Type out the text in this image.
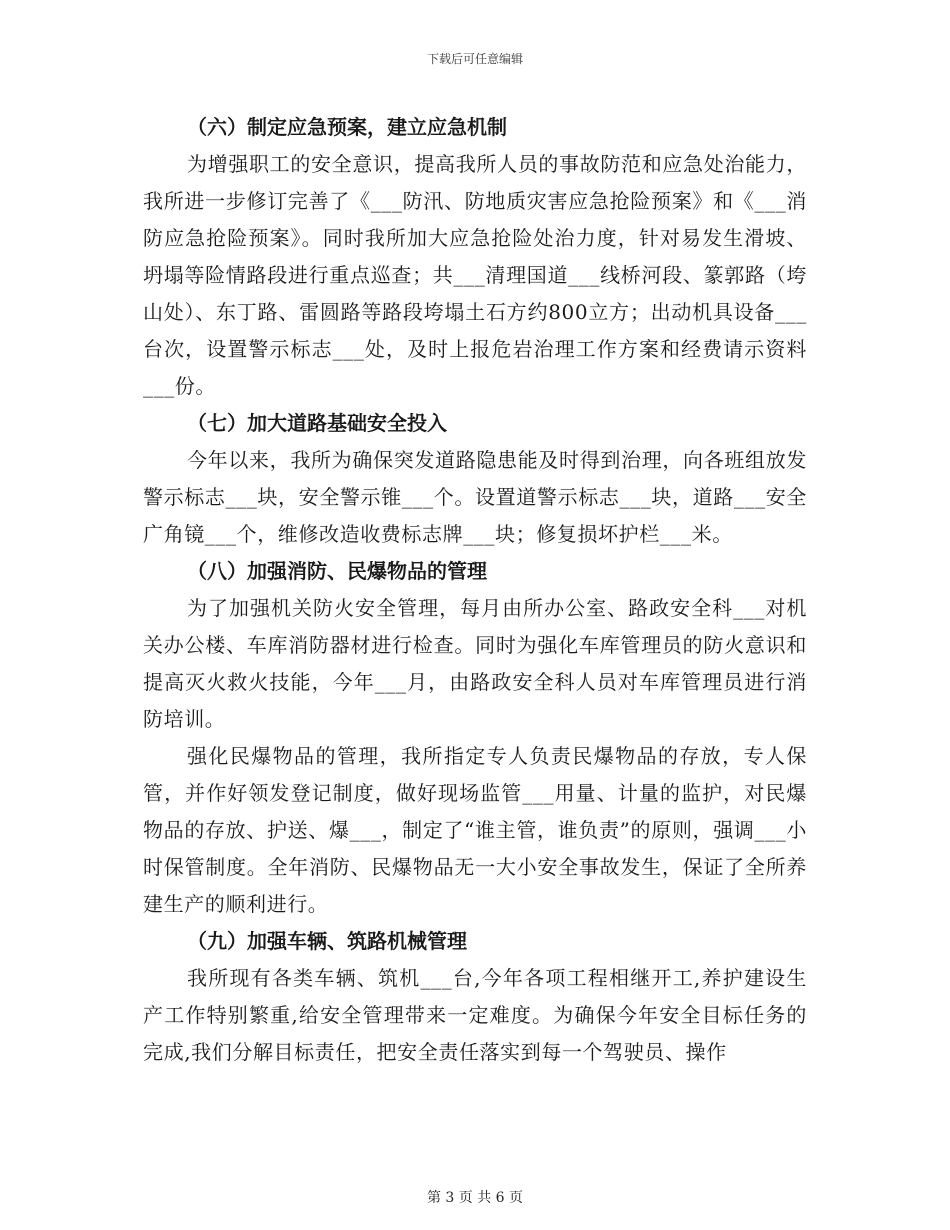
下载后可任意编辑
（六）制定应急预案，建立应急机制

为增强职工的安全意识，提高我所人员的事故防范和应急处治能力，我所进一步修订完善了《___防汛、防地质灾害应急抢险预案》和《___消防应急抢险预案》。同时我所加大应急抢险处治力度，针对易发生滑坡、坍塌等险情路段进行重点巡查；共___清理国道___线桥河段、篆郭路（垮山处）、东丁路、雷圆路等路段垮塌土石方约800立方；出动机具设备___台次，设置警示标志___处，及时上报危岩治理工作方案和经费请示资料___份。

（七）加大道路基础安全投入

今年以来，我所为确保突发道路隐患能及时得到治理，向各班组放发警示标志___块，安全警示锥___个。设置道警示标志___块，道路___安全广角镜___个，维修改造收费标志牌___块；修复损坏护栏___米。

（八）加强消防、民爆物品的管理

为了加强机关防火安全管理，每月由所办公室、路政安全科___对机关办公楼、车库消防器材进行检查。同时为强化车库管理员的防火意识和提高灭火救火技能，今年___月，由路政安全科人员对车库管理员进行消防培训。

强化民爆物品的管理，我所指定专人负责民爆物品的存放，专人保管，并作好领发登记制度，做好现场监管___用量、计量的监护，对民爆物品的存放、护送、爆___，制定了“谁主管，谁负责”的原则，强调___小时保管制度。全年消防、民爆物品无一大小安全事故发生，保证了全所养建生产的顺利进行。

（九）加强车辆、筑路机械管理

我所现有各类车辆、筑机___台,今年各项工程相继开工,养护建设生产工作特别繁重,给安全管理带来一定难度。为确保今年安全目标任务的完成,我们分解目标责任，把安全责任落实到每一个驾驶员、操作

第 3 页 共 6 页
